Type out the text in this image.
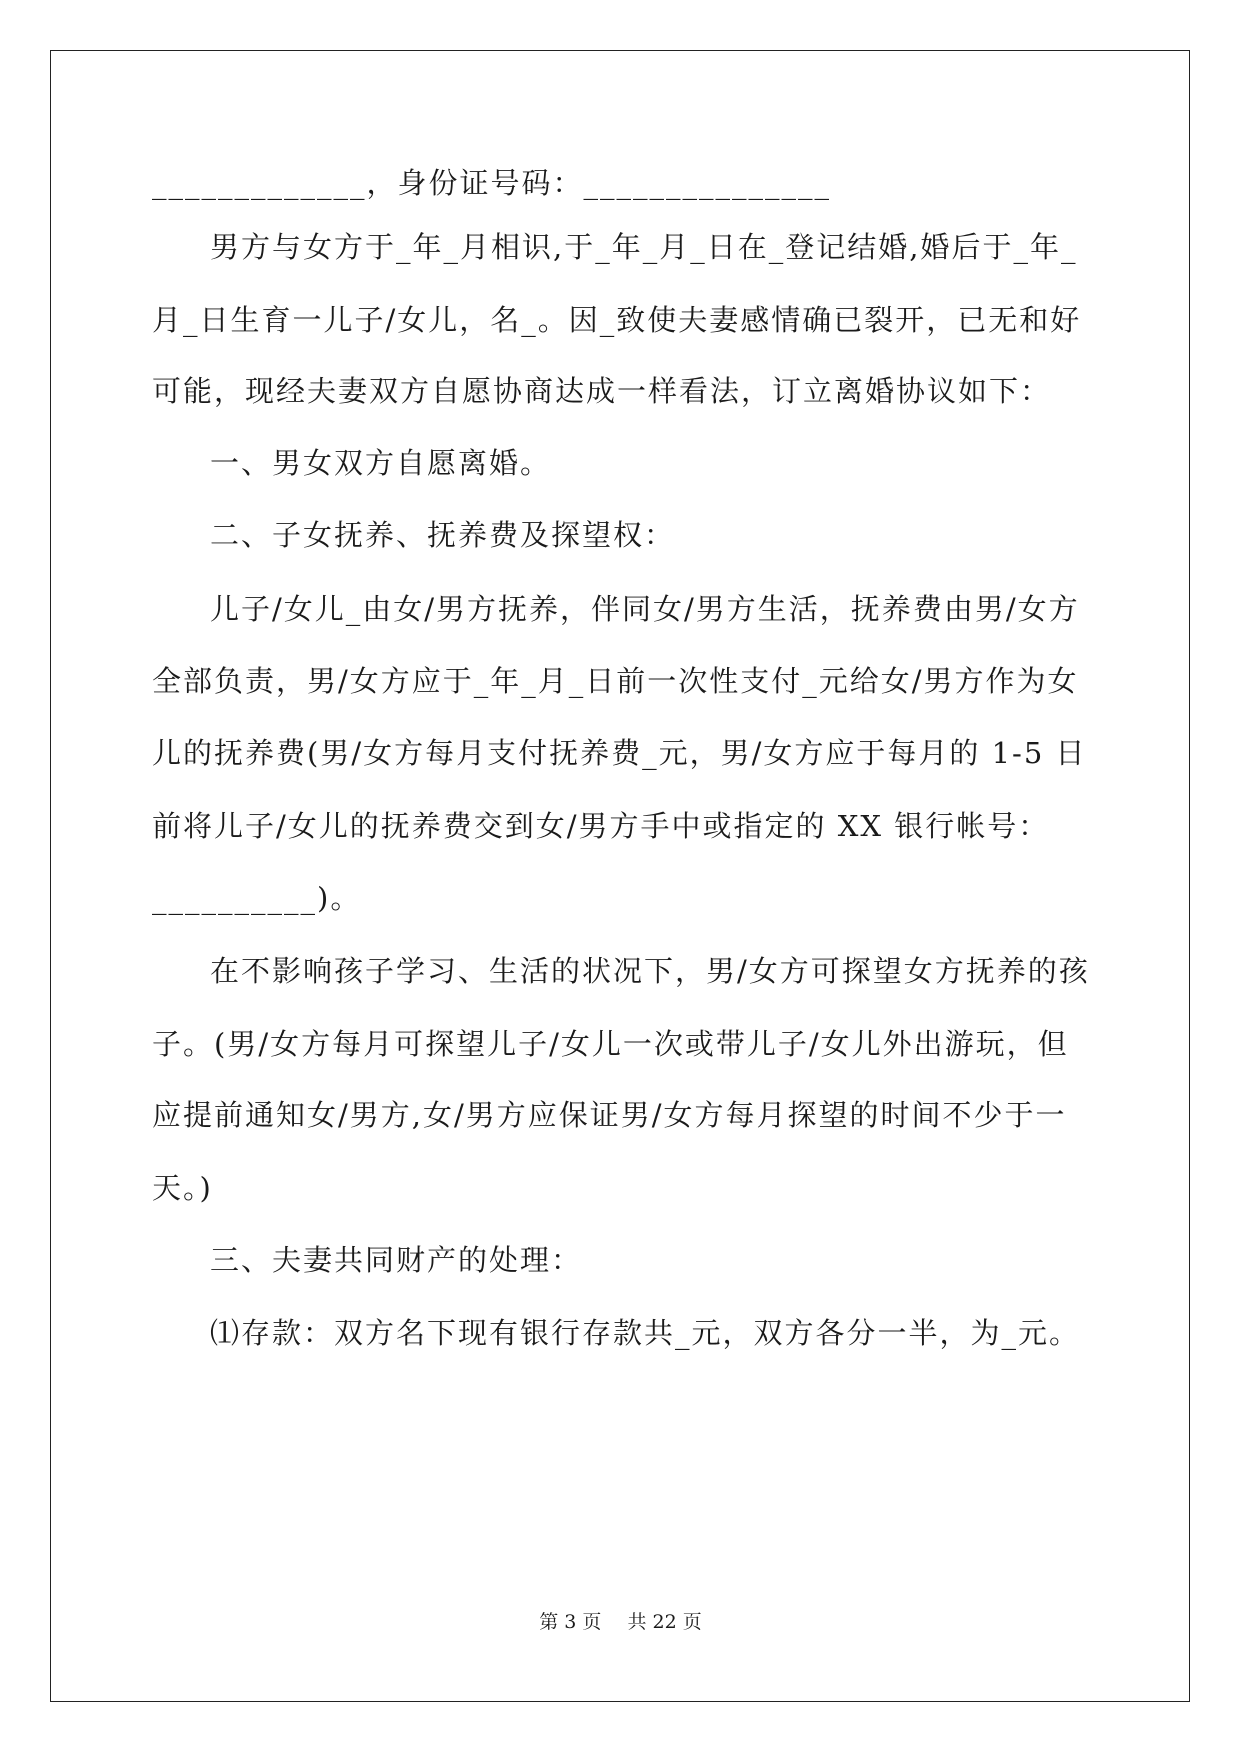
_____________，身份证号码：_______________
男方与女方于_年_月相识,于_年_月_日在_登记结婚,婚后于_年_
月_日生育一儿子/女儿，名_。因_致使夫妻感情确已裂开，已无和好
可能，现经夫妻双方自愿协商达成一样看法，订立离婚协议如下：
一、男女双方自愿离婚。
二、子女抚养、抚养费及探望权：
儿子/女儿_由女/男方抚养，伴同女/男方生活，抚养费由男/女方
全部负责，男/女方应于_年_月_日前一次性支付_元给女/男方作为女
儿的抚养费(男/女方每月支付抚养费_元，男/女方应于每月的 1-5 日
前将儿子/女儿的抚养费交到女/男方手中或指定的 XX 银行帐号：
__________)。
在不影响孩子学习、生活的状况下，男/女方可探望女方抚养的孩
子。(男/女方每月可探望儿子/女儿一次或带儿子/女儿外出游玩，但
应提前通知女/男方,女/男方应保证男/女方每月探望的时间不少于一
天。)
三、夫妻共同财产的处理：
⑴存款：双方名下现有银行存款共_元，双方各分一半，为_元。
第 3 页 共 22 页
